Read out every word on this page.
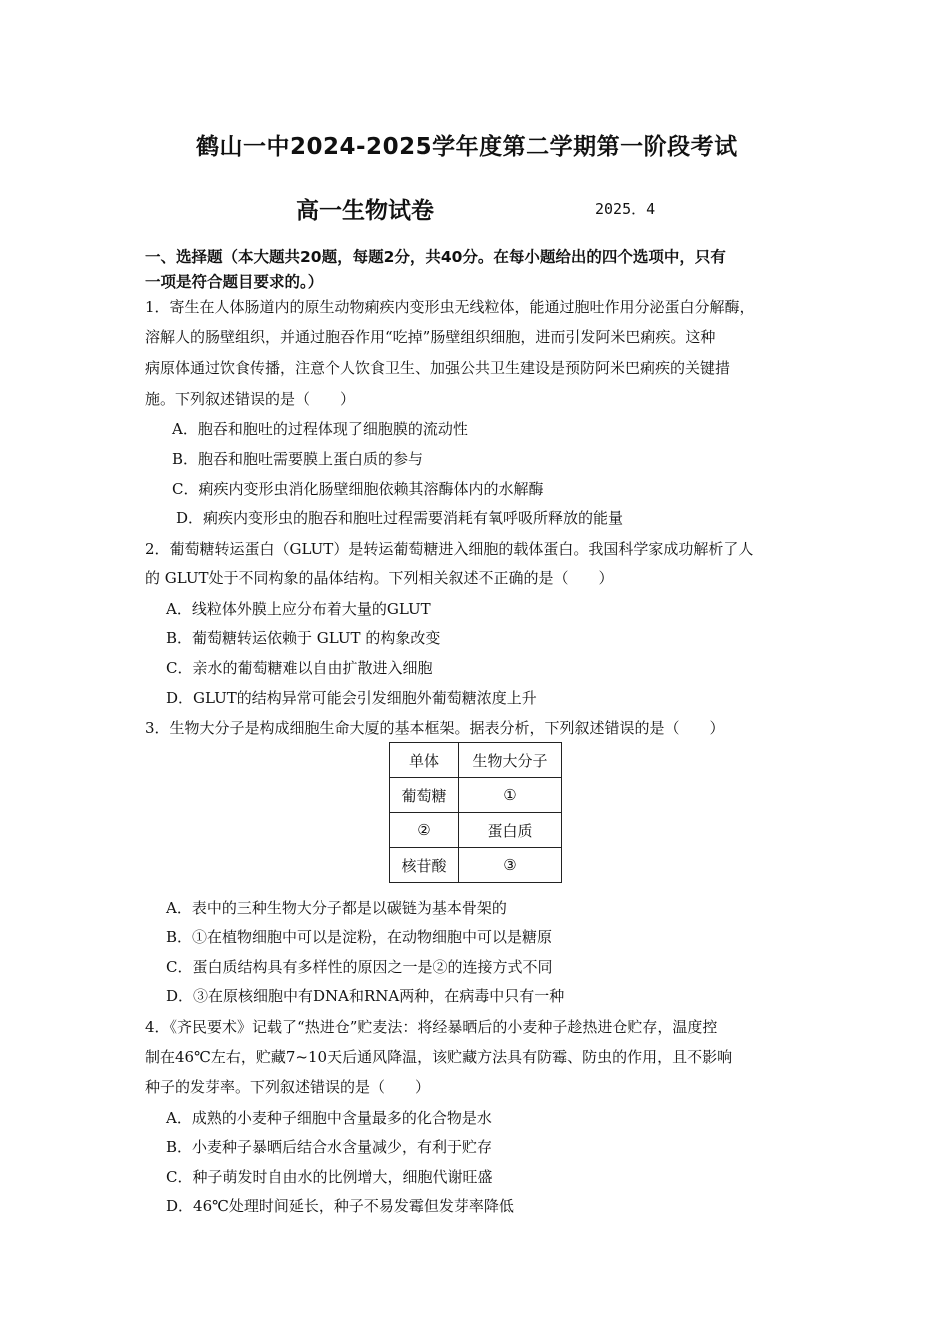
鹤山一中2024-2025学年度第二学期第一阶段考试
高一生物试卷	2025．4
一、选择题（本大题共20题，每题2分，共40分。在每小题给出的四个选项中，只有
一项是符合题目要求的。）
1．寄生在人体肠道内的原生动物痢疾内变形虫无线粒体，能通过胞吐作用分泌蛋白分解酶，
溶解人的肠壁组织，并通过胞吞作用“吃掉”肠壁组织细胞，进而引发阿米巴痢疾。这种
病原体通过饮食传播，注意个人饮食卫生、加强公共卫生建设是预防阿米巴痢疾的关键措
施。下列叙述错误的是（　　）
A．胞吞和胞吐的过程体现了细胞膜的流动性
B．胞吞和胞吐需要膜上蛋白质的参与
C．痢疾内变形虫消化肠壁细胞依赖其溶酶体内的水解酶
D．痢疾内变形虫的胞吞和胞吐过程需要消耗有氧呼吸所释放的能量
2．葡萄糖转运蛋白（GLUT）是转运葡萄糖进入细胞的载体蛋白。我国科学家成功解析了人
的 GLUT处于不同构象的晶体结构。下列相关叙述不正确的是（　　）
A．线粒体外膜上应分布着大量的GLUT
B．葡萄糖转运依赖于 GLUT 的构象改变
C．亲水的葡萄糖难以自由扩散进入细胞
D．GLUT的结构异常可能会引发细胞外葡萄糖浓度上升
3．生物大分子是构成细胞生命大厦的基本框架。据表分析，下列叙述错误的是（　　）
单体	生物大分子
葡萄糖	①
②	蛋白质
核苷酸	③
A．表中的三种生物大分子都是以碳链为基本骨架的
B．①在植物细胞中可以是淀粉，在动物细胞中可以是糖原
C．蛋白质结构具有多样性的原因之一是②的连接方式不同
D．③在原核细胞中有DNA和RNA两种，在病毒中只有一种
4．《齐民要术》记载了“热进仓”贮麦法：将经暴晒后的小麦种子趁热进仓贮存，温度控
制在46℃左右，贮藏7~10天后通风降温，该贮藏方法具有防霉、防虫的作用，且不影响
种子的发芽率。下列叙述错误的是（　　）
A．成熟的小麦种子细胞中含量最多的化合物是水
B．小麦种子暴晒后结合水含量减少，有利于贮存
C．种子萌发时自由水的比例增大，细胞代谢旺盛
D．46℃处理时间延长，种子不易发霉但发芽率降低
